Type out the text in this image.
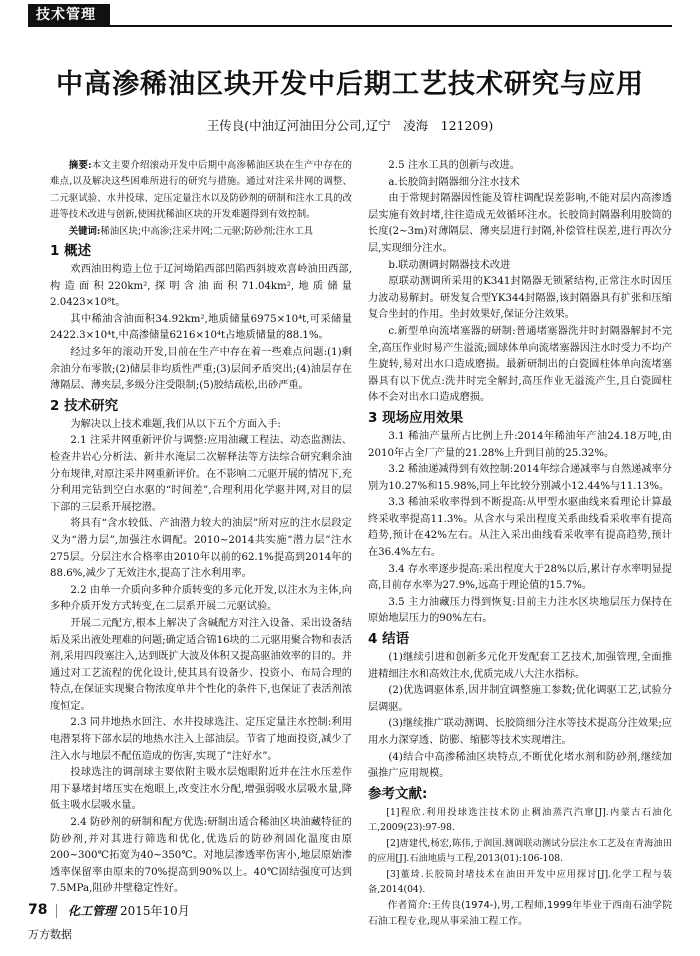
技术管理
中高渗稀油区块开发中后期工艺技术研究与应用
王传良(中油辽河油田分公司,辽宁　凌海　121209)

摘要:本文主要介绍滚动开发中后期中高渗稀油区块在生产中存在的难点,以及解决这些困难所进行的研究与措施。通过对注采井网的调整、二元驱试验、水井投球、定压定量注水以及防砂剂的研制和注水工具的改进等技术改进与创新,使困扰稀油区块的开发难题得到有效控制。

关键词:稀油区块;中高渗;注采井网;二元驱;防砂剂;注水工具

1 概述

欢西油田构造上位于辽河坳陷西部凹陷西斜坡欢喜岭油田西部,构造面积220km²,探明含油面积71.04km²,地质储量2.0423×10⁸t。

其中稀油含油面积34.92km²,地质储量6975×10⁴t,可采储量2422.3×10⁴t,中高渗储量6216×10⁴t占地质储量的88.1%。

经过多年的滚动开发,目前在生产中存在着一些难点问题:(1)剩余油分布零散;(2)储层非均质性严重;(3)层间矛盾突出;(4)油层存在薄隔层、薄夹层,多级分注受限制;(5)胶结疏松,出砂严重。

2 技术研究

为解决以上技术难题,我们从以下五个方面入手:

2.1 注采井网重新评价与调整:应用油藏工程法、动态监测法、检查井岩心分析法、新井水淹层二次解释法等方法综合研究剩余油分布规律,对原注采井网重新评价。在不影响二元驱开展的情况下,充分利用完钻到空白水驱的“时间差”,合理利用化学驱井网,对目的层下部的三层系开展挖潜。

将具有“含水较低、产油潜力较大的油层”所对应的注水层段定义为“潜力层”,加强注水调配。2010~2014共实施“潜力层”注水275层。分层注水合格率由2010年以前的62.1%提高到2014年的88.6%,减少了无效注水,提高了注水利用率。

2.2 由单一介质向多种介质转变的多元化开发,以注水为主体,向多种介质开发方式转变,在二层系开展二元驱试验。

开展二元配方,根本上解决了含碱配方对注入设备、采出设备结垢及采出液处理难的问题;确定适合锦16块的二元驱用聚合物和表活剂,采用四段塞注入,达到既扩大波及体积又提高驱油效率的目的。并通过对工艺流程的优化设计,使其具有设备少、投资小、布局合理的特点,在保证实现聚合物浓度单井个性化的条件下,也保证了表活剂浓度恒定。

2.3 同井地热水回注、水井投球选注、定压定量注水控制:利用电潜泵将下部水层的地热水注入上部油层。节省了地面投资,减少了注入水与地层不配伍造成的伤害,实现了“注好水”。

投球选注的调剖球主要依附主吸水层炮眼附近并在注水压差作用下暴堵封堵压实在炮眼上,改变注水分配,增强弱吸水层吸水量,降低主吸水层吸水量。

2.4 防砂剂的研制和配方优选:研制出适合稀油区块油藏特征的防砂剂,并对其进行筛选和优化,优选后的防砂剂固化温度由原200~300℃拓宽为40~350℃。对地层渗透率伤害小,地层原始渗透率保留率由原来的70%提高到90%以上。40℃固结强度可达到7.5MPa,阻砂井壁稳定性好。

2.5 注水工具的创新与改进。

a.长胶筒封隔器细分注水技术

由于常规封隔器因性能及管柱调配误差影响,不能对层内高渗透层实施有效封堵,往往造成无效循环注水。长胶筒封隔器利用胶筒的长度(2~3m)对薄隔层、薄夹层进行封隔,补偿管柱误差,进行再次分层,实现细分注水。

b.联动测调封隔器技术改进

原联动测调所采用的K341封隔器无锁紧结构,正常注水时因压力波动易解封。研发复合型YK344封隔器,该封隔器具有扩张和压缩复合坐封的作用。坐封效果好,保证分注效果。

c.新型单向流堵塞器的研制:普通堵塞器洗井时封隔器解封不完全,高压作业时易产生溢流;圆球体单向流堵塞器因注水时受力不均产生旋转,易对出水口造成磨损。最新研制出的白瓷圆柱体单向流堵塞器具有以下优点:洗井时完全解封,高压作业无溢流产生,且白瓷圆柱体不会对出水口造成磨损。

3 现场应用效果

3.1 稀油产量所占比例上升:2014年稀油年产油24.18万吨,由2010年占全厂产量的21.28%上升到目前的25.32%。

3.2 稀油递减得到有效控制:2014年综合递减率与自然递减率分别为10.27%和15.98%,同上年比较分别减小12.44%与11.13%。

3.3 稀油采收率得到不断提高:从甲型水驱曲线来看理论计算最终采收率提高11.3%。从含水与采出程度关系曲线看采收率有提高趋势,预计在42%左右。从注入采出曲线看采收率有提高趋势,预计在36.4%左右。

3.4 存水率逐步提高:采出程度大于28%以后,累计存水率明显提高,目前存水率为27.9%,远高于理论值的15.7%。

3.5 主力油藏压力得到恢复:目前主力注水区块地层压力保持在原始地层压力的90%左右。

4 结语

(1)继续引进和创新多元化开发配套工艺技术,加强管理,全面推进精细注水和高效注水,优质完成八大注水指标。

(2)优选调驱体系,因井制宜调整施工参数;优化调驱工艺,试验分层调驱。

(3)继续推广联动测调、长胶筒细分注水等技术提高分注效果;应用水力深穿透、防膨、缩膨等技术实现增注。

(4)结合中高渗稀油区块特点,不断优化堵水剂和防砂剂,继续加强推广应用规模。

参考文献:

[1]程欣.利用投球选注技术防止稠油蒸汽汽窜[J].内蒙古石油化工,2009(23):97-98.

[2]唐建代,杨宏,陈伟,于润国.测调联动测试分层注水工艺及在青海油田的应用[J].石油地质与工程,2013(01):106-108.

[3]董琦.长胶筒封堵技术在油田开发中应用探讨[J].化学工程与装备,2014(04).

作者简介:王传良(1974-),男,工程师,1999年毕业于西南石油学院石油工程专业,现从事采油工程工作。

78 化工管理 2015年10月
万方数据
